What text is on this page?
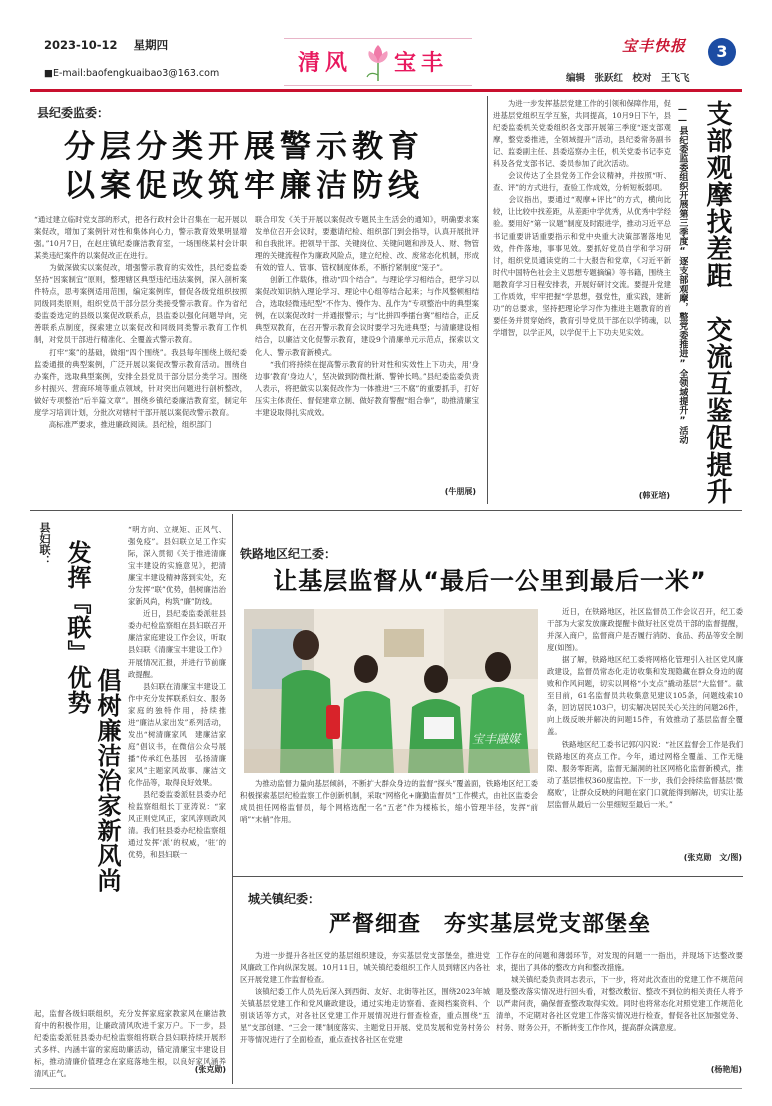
2023-10-12 星期四
■E-mail:baofengkuaibao3@163.com	清风 宝丰
宝丰快报	3
编辑　张跃红　校对　王飞飞
县纪委监委：
分层分类开展警示教育
以案促改筑牢廉洁防线
“通过建立临时党支部的形式，把各行政村会计召集在一起开展以案促改，增加了案例针对性和集体向心力，警示教育效果明显增强。”10月7日，在赵庄镇纪委廉洁教育室，一场围绕某村会计职某类违纪案件的以案促改正在进行。
　　为做深做实以案促改，增强警示教育的实效性，县纪委监委坚持“因案制宜”原则，整理辖区典型违纪违法案例，深入剖析案件特点，思考案例适用范围，编定案例库，督促各级党组织按照同级同类原则，组织党员干部分层分类接受警示教育。作为省纪委监委选定的县级以案促改联系点，县监委以强化问题导向，完善联系点制度，探索建立以案促改和同级同类警示教育工作机制，对党员干部进行精准化、全覆盖式警示教育。
　　打牢“案”的基础，做细“四个围绕”。我县每年围绕上级纪委监委通报的典型案例，广泛开展以案促改警示教育活动。围绕自办案件，选取典型案例，安排全县党员干部分层分类学习。围绕乡村振兴、营商环境等重点领域，针对突出问题进行剖析整改，做好专项整治“后半篇文章”。围绕乡镇纪委廉洁教育室，制定年度学习培训计划，分批次对辖村干部开展以案促改警示教育。
　　高标准严要求，推进廉政阅读。县纪检，组织部门
联合印发《关于开展以案促改专题民主生活会的通知》，明确要求案发单位召开会议时，要邀请纪检、组织部门到会指导，认真开展批评和自我批评。把领导干部、关键岗位、关键问题和涉及人、财、物管理的关键流程作为廉政风险点，建立纪检、改、废常态化机制，形成有效的管人、管事、管权制度体系，不断拧紧制度“笼子”。
　　创新工作载体，推动“四个结合”。与理论学习相结合，把学习以案促改知识纳入理论学习、理论中心组等结合起来；与作风整顿相结合，选取轻微违纪型“不作为、慢作为、乱作为”专项整治中的典型案例，在以案促改时一并通报警示；与“比拼四季擂台赛”相结合，正反典型双教育，在召开警示教育会议时要学习先进典型；与清廉建设相结合，以廉洁文化促警示教育，建设9个清廉单元示范点，探索以文化人、警示教育新模式。
　　“我们将持续在提高警示教育的针对性和实效性上下功夫，用‘身边事’教育‘身边人’，坚决做到防微杜渐、警钟长鸣。”县纪委监委负责人表示，将把做实以案促改作为一体推进“三不腐”的重要抓手，打好压实主体责任、督促建章立制、做好教育警醒“组合拳”，助推清廉宝丰建设取得扎实成效。
(牛朋展)
　　为进一步发挥基层党建工作的引领和保障作用，促进基层党组织互学互鉴，共同提高，10月9日下午，县纪委监委机关党委组织各支部开展第三季度“逐支部观摩，整党委推进，全领域提升”活动，县纪委常务副书记、监委副主任、县委巡察办主任，机关党委书记李克科及各党支部书记、委员参加了此次活动。
　　会议传达了全县党务工作会议精神，并按照“听、查、评”的方式进行，查验工作成效，分析短板弱项。
　　会议指出，要通过“观摩+评比”的方式，横向比较，让比较中找差距，从差距中学优秀，从优秀中学经验。要用好“第一议题”制度及时跟进学，推动习近平总书记重要讲话重要指示和党中央重大决策部署落地见效，件件落地，事事见效。要抓好党员自学和学习研讨，组织党员通读党的二十大报告和党章，《习近平新时代中国特色社会主义思想专题摘编》等书籍，围绕主题教育学习日程安排表，开展好研讨交流。要提升党建工作质效，牢牢把握“学思想，强党性，重实践，建新功”的总要求，坚持把理论学习作为推进主题教育的首要任务并贯穿始终，教育引导党员干部在以学铸魂，以学增智，以学正风，以学促干上下功夫见实效。
(韩亚培)
——县纪委监委组织开展第三季度“逐支部观摩，整党委推进”全领域提升”活动 支部观摩找差距　交流互鉴促提升
县妇联： 发挥『联』优势
倡树廉洁治家新风尚
“明方向、立规矩、正风气、强免疫”。县妇联立足工作实际，深入贯彻《关于推进清廉宝丰建设的实施意见》，把清廉宝丰建设精神落到实处，充分发挥“联”优势，倡树廉洁治家新风尚，构筑“廉”防线。
　　近日，县纪委监委派驻县委办纪检监察组在县妇联召开廉洁家庭建设工作会议，听取县妇联《清廉宝丰建设工作》开展情况汇报，并进行节前廉政提醒。
　　县妇联在清廉宝丰建设工作中充分发挥联系妇女、服务家庭的独特作用，持续推进“廉洁从家出发”系列活动，发出“树清廉家风　建廉洁家庭”倡议书，在微信公众号展播“传承红色基因　弘扬清廉家风”主题家风故事、廉洁文化作品等，取得良好效果。
　　县纪委监委派驻县委办纪检监察组组长丁亚涛说：“家风正则党风正，家风淳则政风清。我们驻县委办纪检监察组通过发挥‘派’的权威，‘驻’的优势，和县妇联一
起，监督各级妇联组织，充分发挥家庭家教家风在廉洁教育中的积极作用，让廉政清风吹进千家万户。下一步，县纪委监委派驻县委办纪检监察组将联合县妇联持续开展形式多样、内涵丰富的家庭助廉活动，锚定清廉宝丰建设目标，推动清廉价值理念在家庭落地生根，以良好家风涵养清风正气。	(张克勋)
铁路地区纪工委：
让基层监督从“最后一公里到最后一米”
宝丰融媒
　　近日，在铁路地区，社区监督员工作会议召开，纪工委干部为大家发放廉政提醒卡做好社区党员干部的监督提醒，并深入商户，监督商户是否履行消防、食品、药品等安全制度(如图)。
　　据了解，铁路地区纪工委将网格化管理引入社区党风廉政建设，监督员常态化走访收集和发现隐藏在群众身边的腐败和作风问题，切实以网格“小支点”撬动基层“大监督”。截至目前，61名监督员共收集意见建议105条，问题线索10条，回访居民103户，切实解决居民关心关注的问题26件，向上级反映并解决的问题15件，有效推动了基层监督全覆盖。
　　铁路地区纪工委书记郭闪闪说：“社区监督会工作是我们铁路地区的亮点工作。今年，通过网格全覆盖、工作无缝隙、服务零距离，监督无漏洞的社区网格化监督新模式，推动了基层推权360度监控。下一步，我们会持续监督基层‘微腐败’，让群众反映的问题在家门口就能得到解决，切实让基层监督从最后一公里细短至最后一米。”
　　为推动监督力量向基层倾斜，不断扩大群众身边的监督“探头”覆盖面，铁路地区纪工委积极探索基层纪检监察工作创新机制，采取“网格化+廉勤监督员”工作模式，由社区监委会成员担任网格监督员，每个网格选配一名“五老”作为楼栋长，缩小管理半径，发挥“前哨”“末梢”作用。
(张克勋　文/图)
城关镇纪委：
严督细查　夯实基层党支部堡垒
　　为进一步提升各社区党的基层组织建设，夯实基层党支部堡垒，推进党风廉政工作向纵深发展。10月11日，城关镇纪委组织工作人员到辖区内各社区开展党建工作监督检查。
　　该镇纪委工作人员先后深入到西街、友好、北街等社区，围绕2023年城关镇基层党建工作和党风廉政建设，通过实地走访察看、查阅档案资料、个别谈话等方式，对各社区党建工作开展情况进行督查检查，重点围绕“五星”支部创建、“三会一课”制度落实、主题党日开展、党员发展和党务村务公开等情况进行了全面检查，重点查找各社区在党建
工作存在的问题和薄弱环节，对发现的问题一一指出，并现场下达整改要求，提出了具体的整改方向和整改措施。
　　城关镇纪委负责同志表示，下一步，将对此次查出的党建工作不规范问题及整改落实情况进行回头看，对整改敷衍、整改不到位的相关责任人将予以严肃问责，确保督查整改取得实效。同时也将常态化对照党建工作规范化清单，不定期对各社区党建工作落实情况进行检查，督促各社区加强党务、村务、财务公开，不断转变工作作风，提高群众满意度。
(杨艳旭)
